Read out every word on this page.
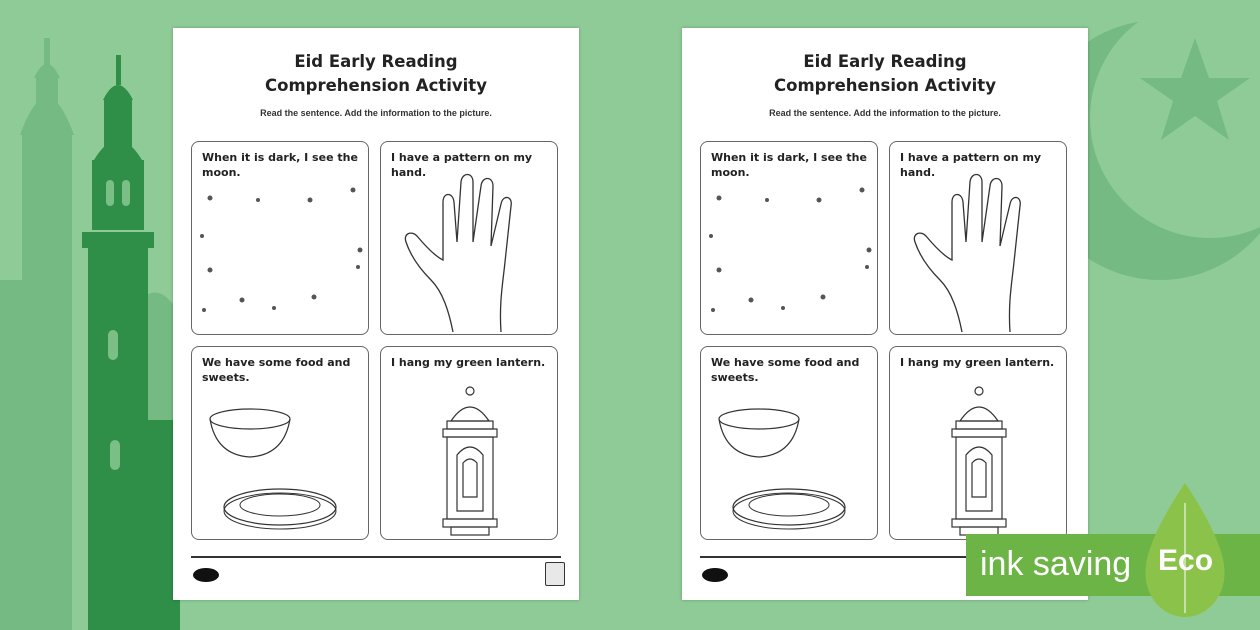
Eid Early Reading
Comprehension Activity
Read the sentence. Add the information to the picture.
When it is dark, I see the moon.
I have a pattern on my hand.
We have some food and sweets.
I hang my green lantern.
Eid Early Reading
Comprehension Activity
Read the sentence. Add the information to the picture.
When it is dark, I see the moon.
I have a pattern on my hand.
We have some food and sweets.
I hang my green lantern.
ink saving Eco
